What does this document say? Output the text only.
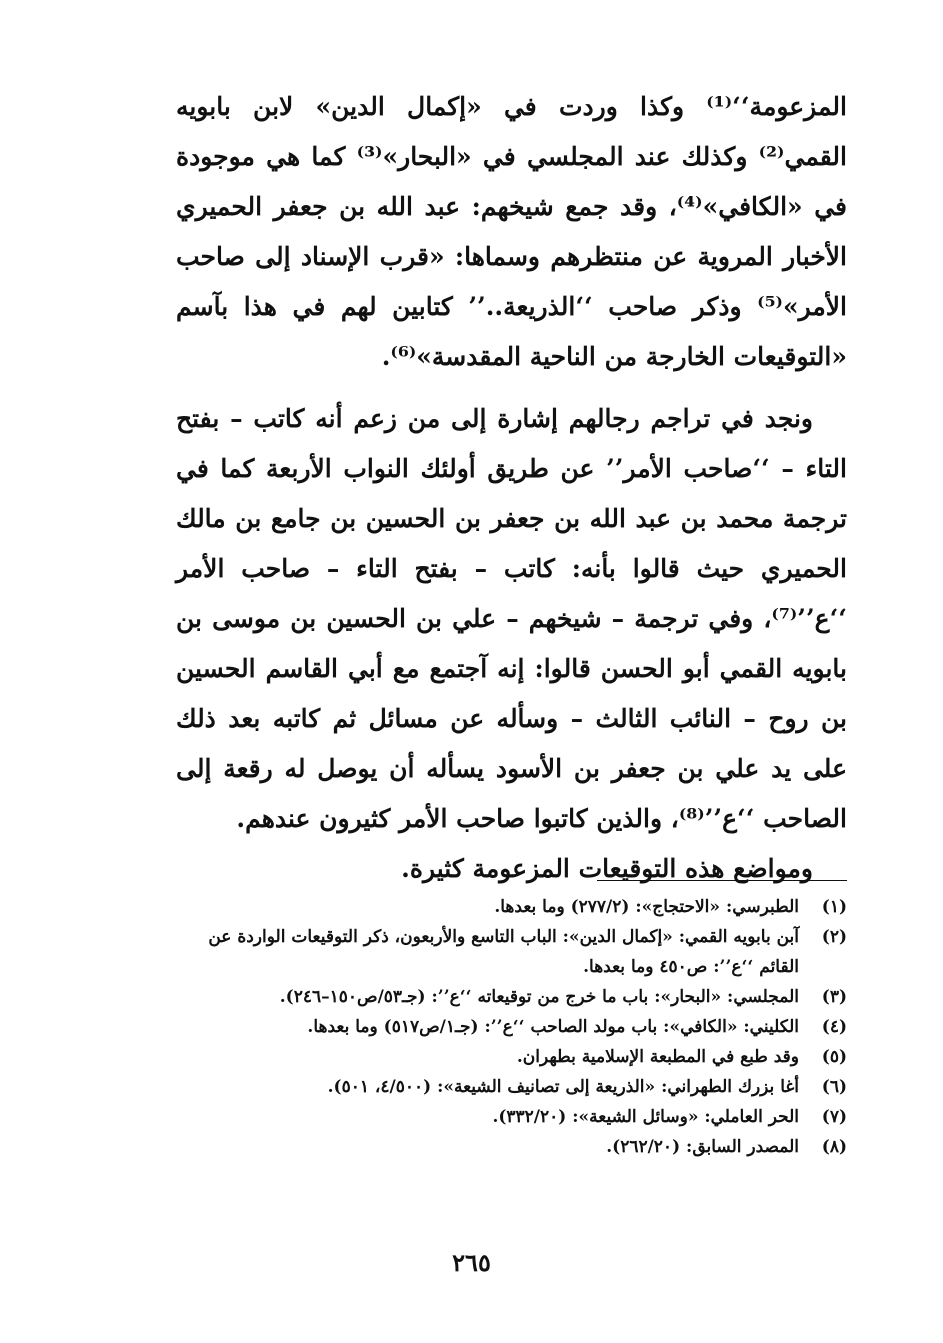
المزعومة‘‘⁽¹⁾ وكذا وردت في «إكمال الدين» لابن بابويه القمي⁽²⁾ وكذلك عند المجلسي في «البحار»⁽³⁾ كما هي موجودة في «الكافي»⁽⁴⁾، وقد جمع شيخهم: عبد الله بن جعفر الحميري الأخبار المروية عن منتظرهم وسماها: «قرب الإسناد إلى صاحب الأمر»⁽⁵⁾ وذكر صاحب ‘‘الذريعة..’’ كتابين لهم في هذا بآسم «التوقيعات الخارجة من الناحية المقدسة»⁽⁶⁾.

ونجد في تراجم رجالهم إشارة إلى من زعم أنه كاتب – بفتح التاء – ‘‘صاحب الأمر’’ عن طريق أولئك النواب الأربعة كما في ترجمة محمد بن عبد الله بن جعفر بن الحسين بن جامع بن مالك الحميري حيث قالوا بأنه: كاتب – بفتح التاء – صاحب الأمر ‘‘ع’’⁽⁷⁾، وفي ترجمة – شيخهم – علي بن الحسين بن موسى بن بابويه القمي أبو الحسن قالوا: إنه آجتمع مع أبي القاسم الحسين بن روح – النائب الثالث – وسأله عن مسائل ثم كاتبه بعد ذلك على يد علي بن جعفر بن الأسود يسأله أن يوصل له رقعة إلى الصاحب ‘‘ع’’⁽⁸⁾، والذين كاتبوا صاحب الأمر كثيرون عندهم.

ومواضع هذه التوقيعات المزعومة كثيرة.

(١)
الطبرسي: «الاحتجاج»: (٢٧٧/٢) وما بعدها.
(٢)
آبن بابويه القمي: «إكمال الدين»: الباب التاسع والأربعون، ذكر التوقيعات الواردة عن القائم ‘‘ع’’: ص٤٥٠ وما بعدها.
(٣)
المجلسي: «البحار»: باب ما خرج من توقيعاته ‘‘ع’’: (جـ٥٣/ص١٥٠–٢٤٦).
(٤)
الكليني: «الكافي»: باب مولد الصاحب ‘‘ع’’: (جـ١/ص٥١٧) وما بعدها.
(٥)
وقد طبع في المطبعة الإسلامية بطهران.
(٦)
أغا بزرك الطهراني: «الذريعة إلى تصانيف الشيعة»: (٤/٥٠٠، ٥٠١).
(٧)
الحر العاملي: «وسائل الشيعة»: (٣٣٢/٢٠).
(٨)
المصدر السابق: (٢٦٢/٢٠).
٢٦٥
